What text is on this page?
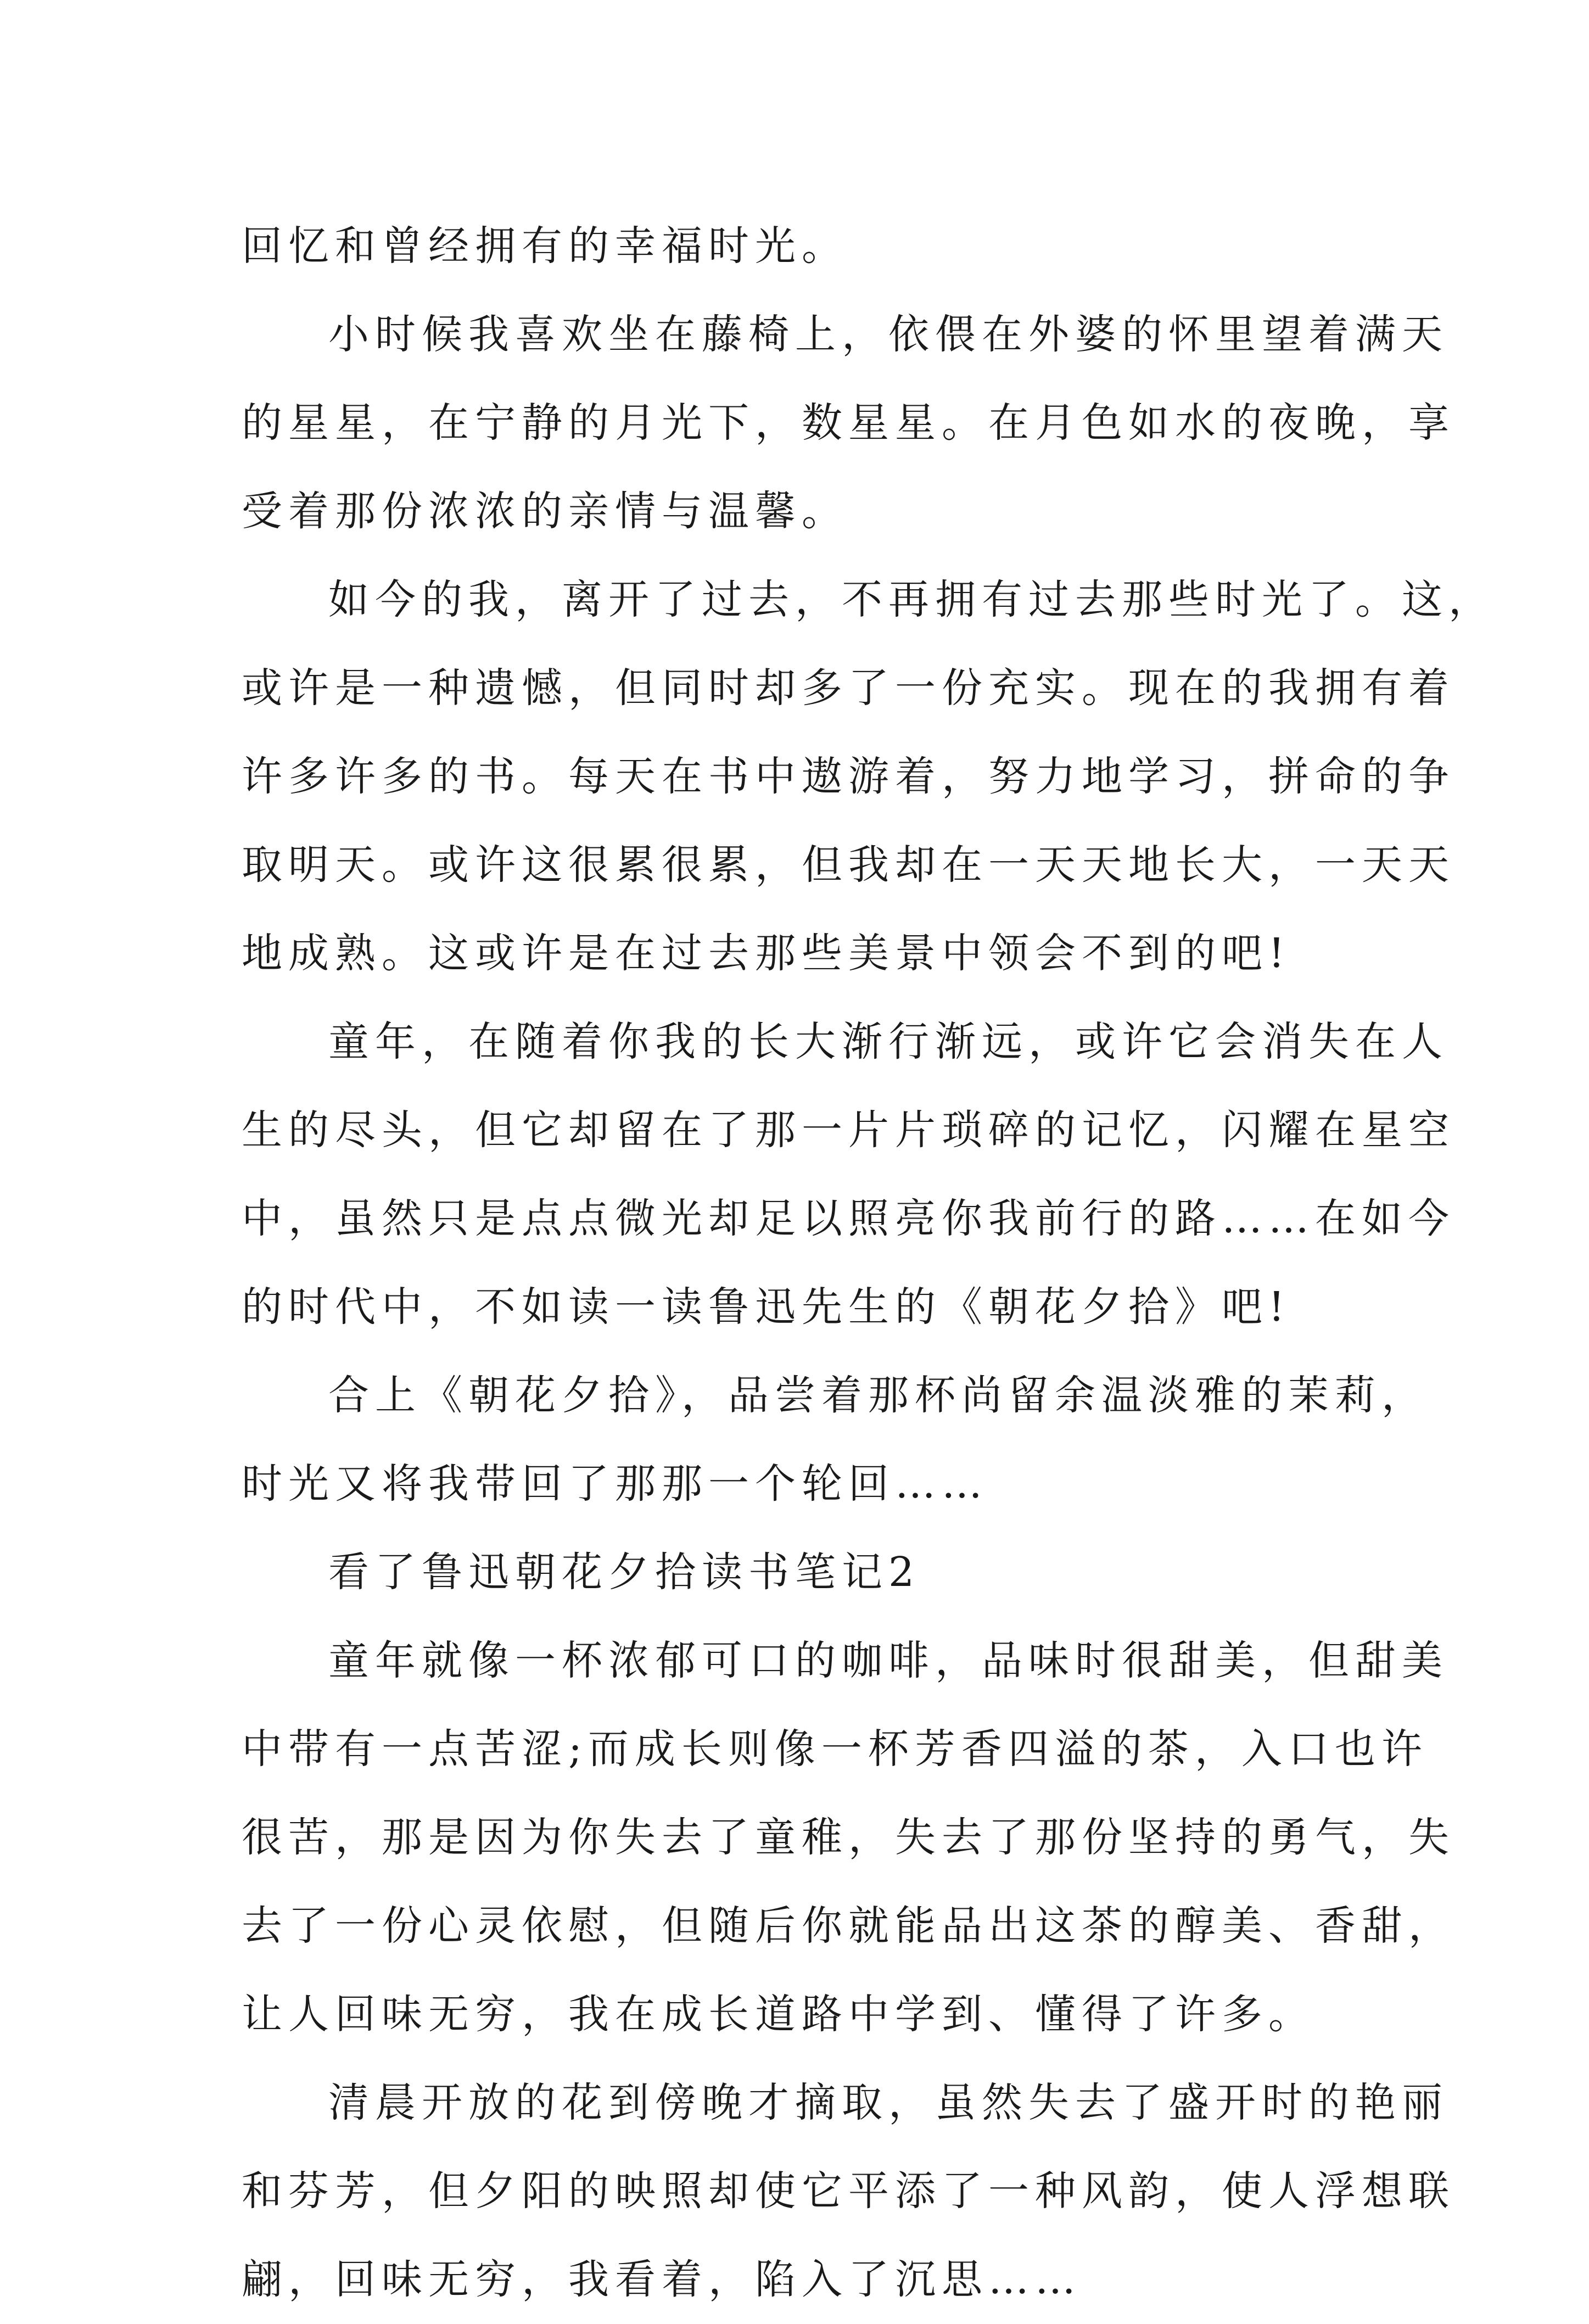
回忆和曾经拥有的幸福时光。
小时候我喜欢坐在藤椅上，依偎在外婆的怀里望着满天
的星星，在宁静的月光下，数星星。在月色如水的夜晚，享
受着那份浓浓的亲情与温馨。
如今的我，离开了过去，不再拥有过去那些时光了。这，
或许是一种遗憾，但同时却多了一份充实。现在的我拥有着
许多许多的书。每天在书中遨游着，努力地学习，拼命的争
取明天。或许这很累很累，但我却在一天天地长大，一天天
地成熟。这或许是在过去那些美景中领会不到的吧!
童年，在随着你我的长大渐行渐远，或许它会消失在人
生的尽头，但它却留在了那一片片琐碎的记忆，闪耀在星空
中，虽然只是点点微光却足以照亮你我前行的路……在如今
的时代中，不如读一读鲁迅先生的《朝花夕拾》吧!
合上《朝花夕拾》，品尝着那杯尚留余温淡雅的茉莉，
时光又将我带回了那那一个轮回……
看了鲁迅朝花夕拾读书笔记2
童年就像一杯浓郁可口的咖啡，品味时很甜美，但甜美
中带有一点苦涩;而成长则像一杯芳香四溢的茶，入口也许
很苦，那是因为你失去了童稚，失去了那份坚持的勇气，失
去了一份心灵依慰，但随后你就能品出这茶的醇美、香甜，
让人回味无穷，我在成长道路中学到、懂得了许多。
清晨开放的花到傍晚才摘取，虽然失去了盛开时的艳丽
和芬芳，但夕阳的映照却使它平添了一种风韵，使人浮想联
翩，回味无穷，我看着，陷入了沉思……
